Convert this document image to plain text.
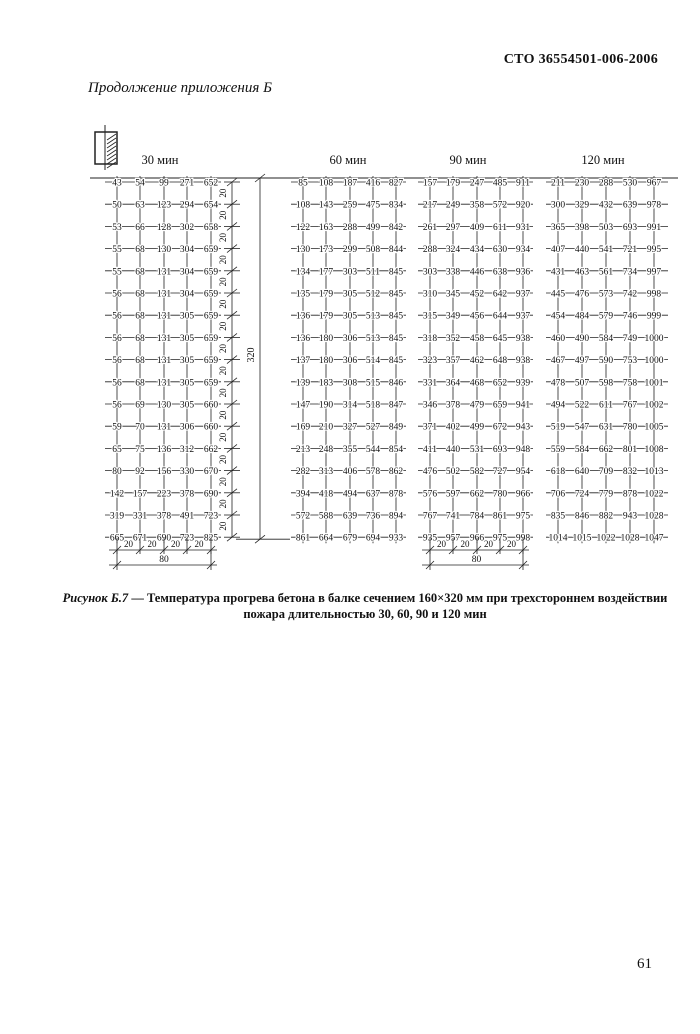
СТО 36554501-006-2006
Продолжение приложения Б
30 мин	60 мин	90 мин	120 мин
43 54 99 271 652
50 63 123 294 654
53 66 128 302 658
55 68 130 304 659
55 68 131 304 659
56 68 131 304 659
56 68 131 305 659
56 68 131 305 659
56 68 131 305 659
56 68 131 305 659
56 69 130 305 660
59 70 131 306 660
65 75 136 312 662
80 92 156 330 670
142 157 223 378 690
319 331 378 491 723
665 671 690 723 825
85 108 187 416 827
108 143 259 475 834
122 163 288 499 842
130 173 299 508 844
134 177 303 511 845
135 179 305 512 845
136 179 305 513 845
136 180 306 513 845
137 180 306 514 845
139 183 308 515 846
147 190 314 518 847
169 210 327 527 849
213 248 355 544 854
282 313 406 578 862
394 418 494 637 878
572 588 639 736 894
861 664 679 694 933
157 179 247 485 911
217 249 358 572 920
261 297 409 611 931
288 324 434 630 934
303 338 446 638 936
310 345 452 642 937
315 349 456 644 937
318 352 458 645 938
323 357 462 648 938
331 364 468 652 939
346 378 479 659 941
371 402 499 672 943
411 440 531 693 948
476 502 582 727 954
576 597 662 780 966
767 741 784 861 975
935 957 966 975 998
211 230 288 530 967
300 329 432 639 978
365 398 503 693 991
407 440 541 721 995
431 463 561 734 997
445 476 573 742 998
454 484 579 746 999
460 490 584 749 1000
467 497 590 753 1000
478 507 598 758 1001
494 522 611 767 1002
519 547 631 780 1005
559 584 662 801 1008
618 640 709 832 1013
706 724 779 878 1022
835 846 882 943 1028
1014 1015 1022 1028 1047
20
20
20
20
20
20
20
20
20
20
20
20
20
20
20
20
320
20 20 20 20
80
20 20 20 20
80
Рисунок Б.7 — Температура прогрева бетона в балке сечением 160×320 мм при трехстороннем воздействии пожара длительностью 30, 60, 90 и 120 мин
61
